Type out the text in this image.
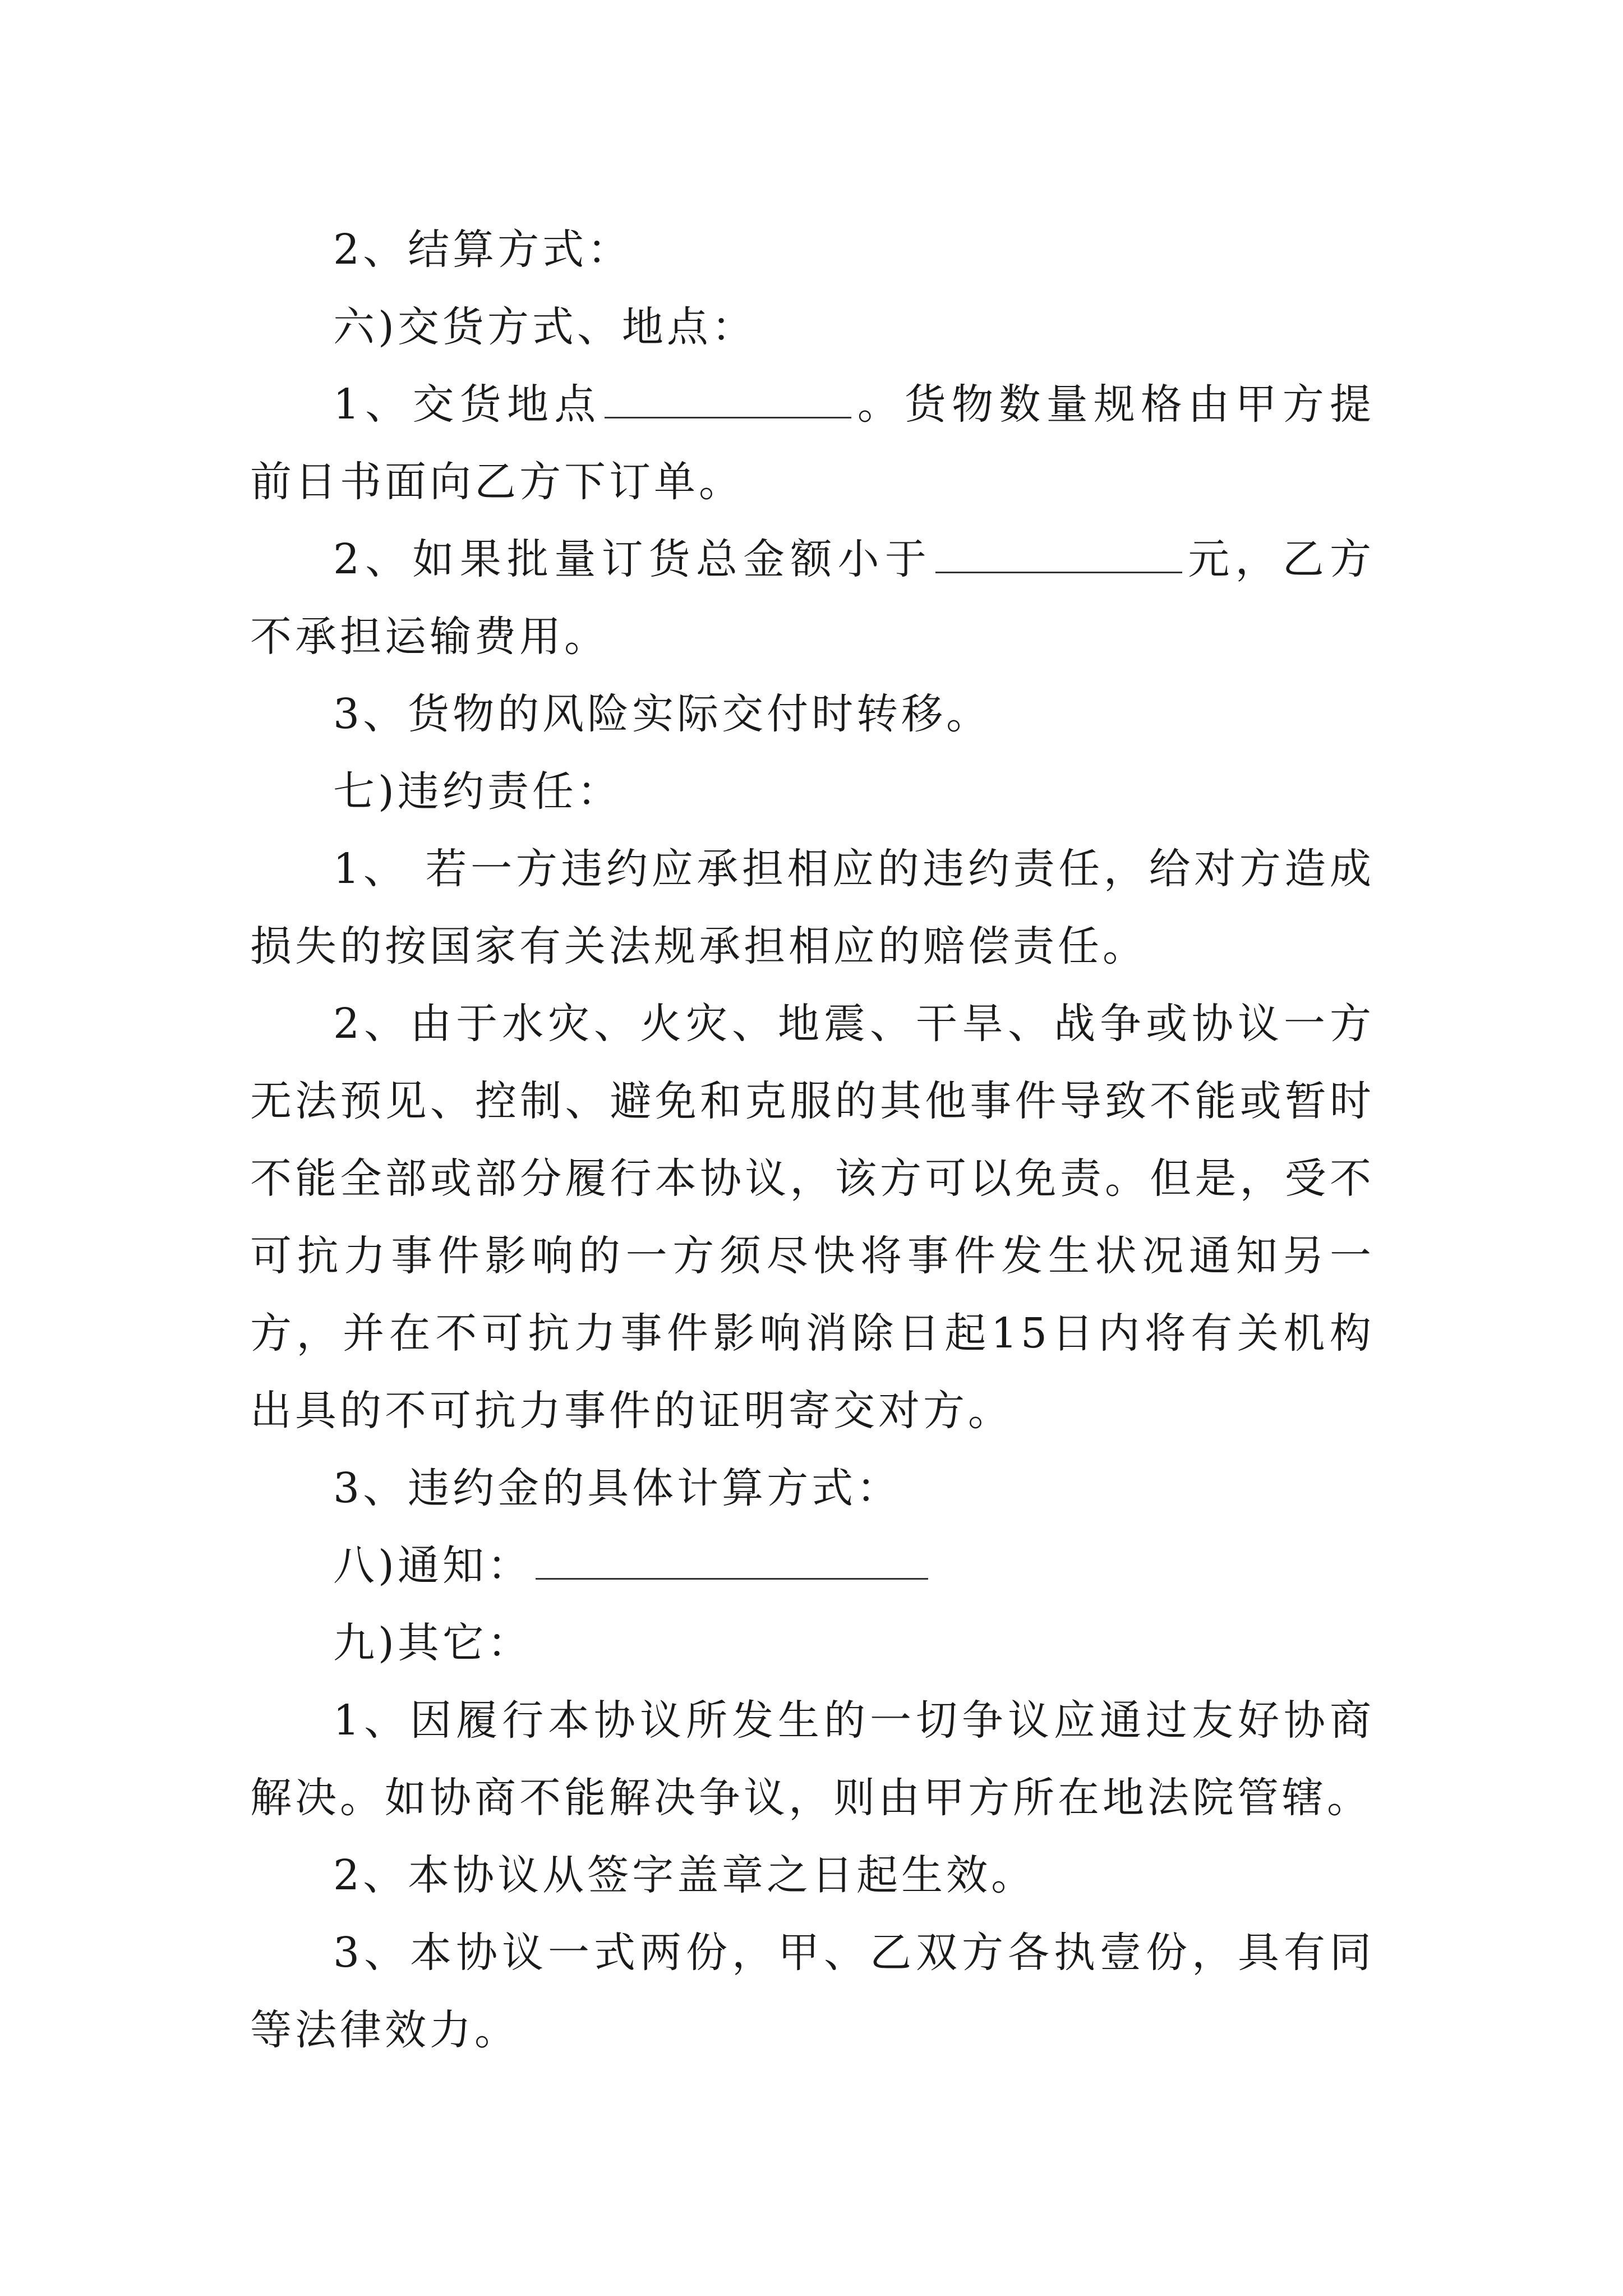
2、结算方式：

六)交货方式、地点：

1、交货地点	。货物数量规格由甲方提前日书面向乙方下订单。

2、如果批量订货总金额小于	元，乙方不承担运输费用。

3、货物的风险实际交付时转移。

七)违约责任：

1、 若一方违约应承担相应的违约责任，给对方造成损失的按国家有关法规承担相应的赔偿责任。

2、由于水灾、火灾、地震、干旱、战争或协议一方无法预见、控制、避免和克服的其他事件导致不能或暂时不能全部或部分履行本协议，该方可以免责。但是，受不可抗力事件影响的一方须尽快将事件发生状况通知另一方，并在不可抗力事件影响消除日起15日内将有关机构出具的不可抗力事件的证明寄交对方。

3、违约金的具体计算方式：

八)通知：

九)其它：

1、因履行本协议所发生的一切争议应通过友好协商解决。如协商不能解决争议，则由甲方所在地法院管辖。

2、本协议从签字盖章之日起生效。

3、本协议一式两份，甲、乙双方各执壹份，具有同等法律效力。
